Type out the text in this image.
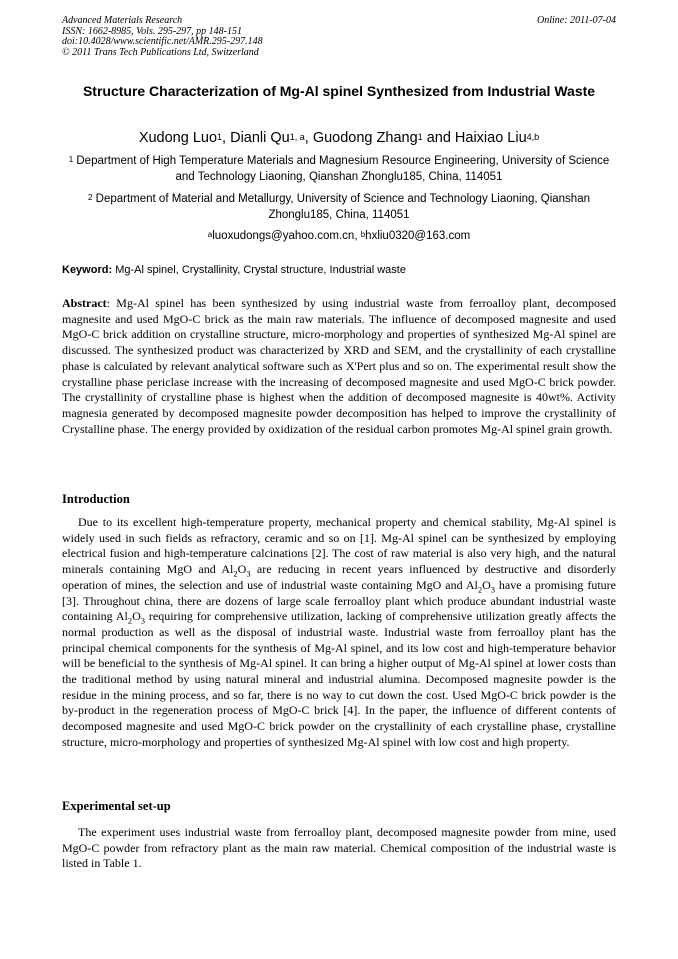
Advanced Materials Research
ISSN: 1662-8985, Vols. 295-297, pp 148-151
doi:10.4028/www.scientific.net/AMR.295-297.148
© 2011 Trans Tech Publications Ltd, Switzerland
Online: 2011-07-04
Structure Characterization of Mg-Al spinel Synthesized from Industrial Waste
Xudong Luo$^1$, Dianli Qu$^{1, a}$, Guodong Zhang$^1$ and Haixiao Liu$^{4,b}$
$^1$ Department of High Temperature Materials and Magnesium Resource Engineering, University of Science and Technology Liaoning, Qianshan Zhonglu185, China, 114051
$^2$ Department of Material and Metallurgy, University of Science and Technology Liaoning, Qianshan Zhonglu185, China, 114051
$^a$luoxudongs@yahoo.com.cn, $^b$hxliu0320@163.com
Keyword: Mg-Al spinel, Crystallinity, Crystal structure, Industrial waste
Abstract: Mg-Al spinel has been synthesized by using industrial waste from ferroalloy plant, decomposed magnesite and used MgO-C brick as the main raw materials. The influence of decomposed magnesite and used MgO-C brick addition on crystalline structure, micro-morphology and properties of synthesized Mg-Al spinel are discussed. The synthesized product was characterized by XRD and SEM, and the crystallinity of each crystalline phase is calculated by relevant analytical software such as X'Pert plus and so on. The experimental result show the crystalline phase periclase increase with the increasing of decomposed magnesite and used MgO-C brick powder. The crystallinity of crystalline phase is highest when the addition of decomposed magnesite is 40wt%. Activity magnesia generated by decomposed magnesite powder decomposition has helped to improve the crystallinity of Crystalline phase. The energy provided by oxidization of the residual carbon promotes Mg-Al spinel grain growth.
Introduction
Due to its excellent high-temperature property, mechanical property and chemical stability, Mg-Al spinel is widely used in such fields as refractory, ceramic and so on [1]. Mg-Al spinel can be synthesized by employing electrical fusion and high-temperature calcinations [2]. The cost of raw material is also very high, and the natural minerals containing MgO and $Al_2O_3$ are reducing in recent years influenced by destructive and disorderly operation of mines, the selection and use of industrial waste containing MgO and $Al_2O_3$ have a promising future [3]. Throughout china, there are dozens of large scale ferroalloy plant which produce abundant industrial waste containing $Al_2O_3$ requiring for comprehensive utilization, lacking of comprehensive utilization greatly affects the normal production as well as the disposal of industrial waste. Industrial waste from ferroalloy plant has the principal chemical components for the synthesis of Mg-Al spinel, and its low cost and high-temperature behavior will be beneficial to the synthesis of Mg-Al spinel. It can bring a higher output of Mg-Al spinel at lower costs than the traditional method by using natural mineral and industrial alumina. Decomposed magnesite powder is the residue in the mining process, and so far, there is no way to cut down the cost. Used MgO-C brick powder is the by-product in the regeneration process of MgO-C brick [4]. In the paper, the influence of different contents of decomposed magnesite and used MgO-C brick powder on the crystallinity of each crystalline phase, crystalline structure, micro-morphology and properties of synthesized Mg-Al spinel with low cost and high property.
Experimental set-up
The experiment uses industrial waste from ferroalloy plant, decomposed magnesite powder from mine, used MgO-C powder from refractory plant as the main raw material. Chemical composition of the industrial waste is listed in Table 1.
